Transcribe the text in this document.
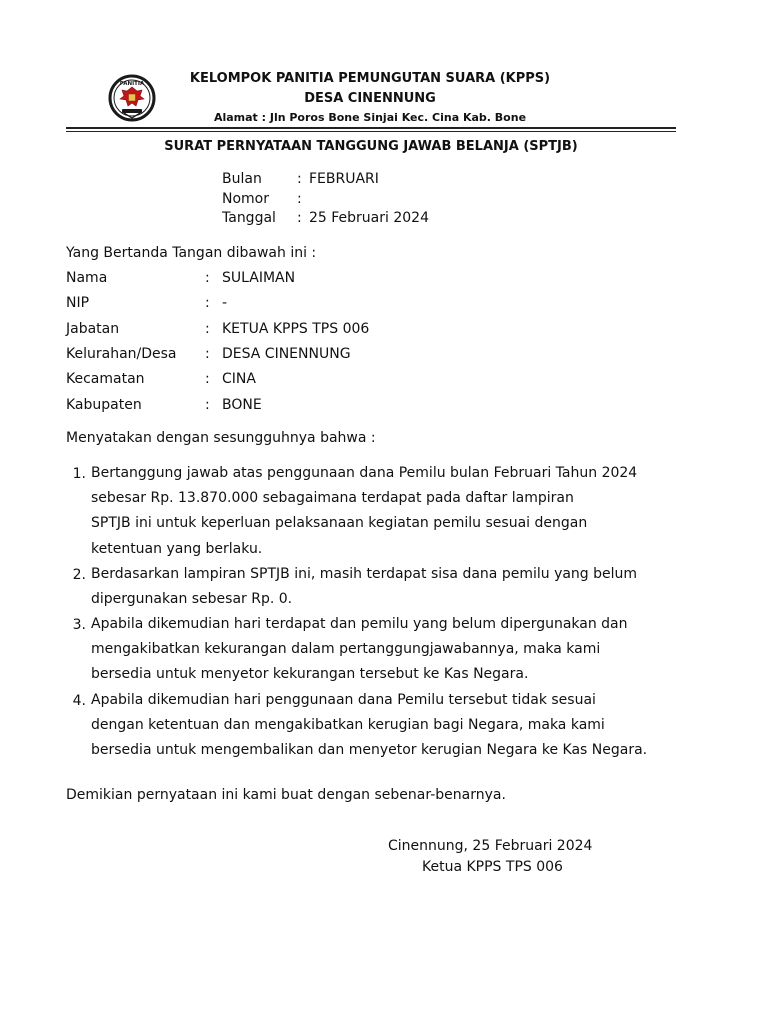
PANITIA	KELOMPOK PANITIA PEMUNGUTAN SUARA (KPPS)
DESA CINENNUNG
Alamat : Jln Poros Bone Sinjai Kec. Cina Kab. Bone
SURAT PERNYATAAN TANGGUNG JAWAB BELANJA (SPTJB)
Bulan	: FEBRUARI
Nomor :
Tanggal : 25 Februari 2024
Yang Bertanda Tangan dibawah ini :
Nama	: SULAIMAN
NIP	: -
Jabatan	: KETUA KPPS TPS 006
Kelurahan/Desa : DESA CINENNUNG
Kecamatan	: CINA
Kabupaten	: BONE
Menyatakan dengan sesungguhnya bahwa :
1. Bertanggung jawab atas penggunaan dana Pemilu bulan Februari Tahun 2024
sebesar Rp. 13.870.000 sebagaimana terdapat pada daftar lampiran
SPTJB ini untuk keperluan pelaksanaan kegiatan pemilu sesuai dengan
ketentuan yang berlaku.
2. Berdasarkan lampiran SPTJB ini, masih terdapat sisa dana pemilu yang belum
dipergunakan sebesar Rp. 0.
3. Apabila dikemudian hari terdapat dan pemilu yang belum dipergunakan dan
mengakibatkan kekurangan dalam pertanggungjawabannya, maka kami
bersedia untuk menyetor kekurangan tersebut ke Kas Negara.
4. Apabila dikemudian hari penggunaan dana Pemilu tersebut tidak sesuai
dengan ketentuan dan mengakibatkan kerugian bagi Negara, maka kami
bersedia untuk mengembalikan dan menyetor kerugian Negara ke Kas Negara.
Demikian pernyataan ini kami buat dengan sebenar-benarnya.
Cinennung, 25 Februari 2024
Ketua KPPS TPS 006
